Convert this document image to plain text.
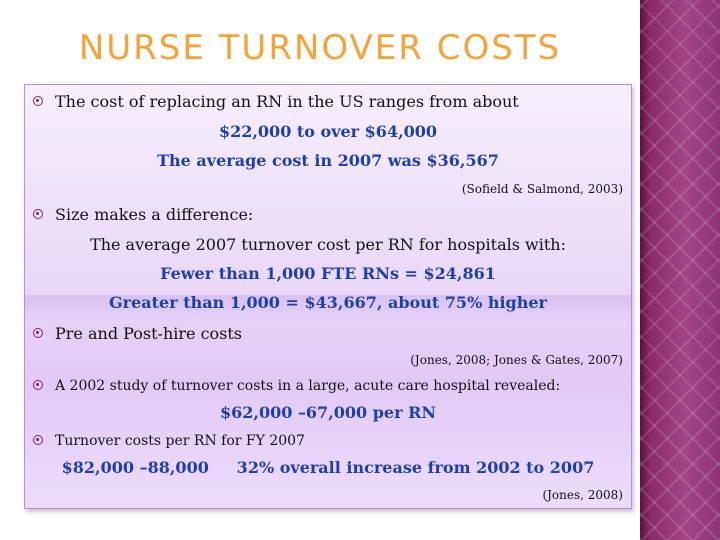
NURSE TURNOVER COSTS
The cost of replacing an RN in the US ranges from about
$22,000 to over $64,000
The average cost in 2007 was $36,567
(Sofield & Salmond, 2003)
Size makes a difference:
The average 2007 turnover cost per RN for hospitals with:
Fewer than 1,000 FTE RNs = $24,861
Greater than 1,000 = $43,667, about 75% higher
Pre and Post-hire costs
(Jones, 2008; Jones & Gates, 2007)
A 2002 study of turnover costs in a large, acute care hospital revealed:
$62,000 –67,000 per RN
Turnover costs per RN for FY 2007
$82,000 –88,000     32% overall increase from 2002 to 2007
(Jones, 2008)
